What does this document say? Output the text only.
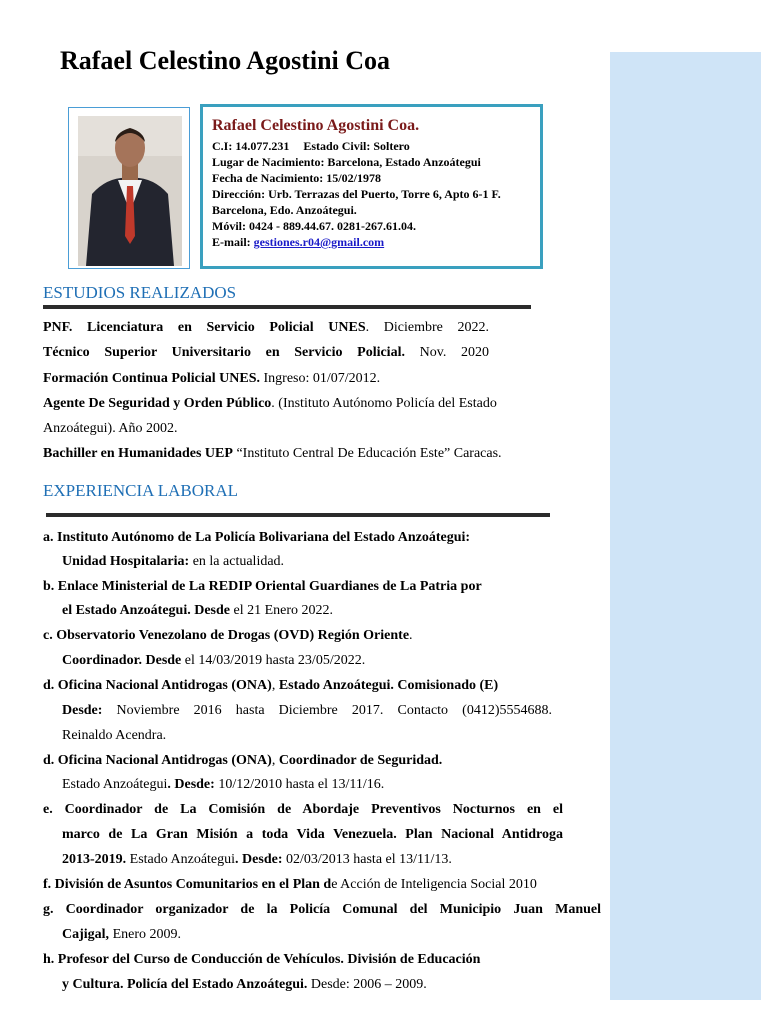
Rafael Celestino Agostini Coa
Rafael Celestino Agostini Coa.
C.I: 14.077.231 Estado Civil: Soltero
Lugar de Nacimiento: Barcelona, Estado Anzoátegui
Fecha de Nacimiento: 15/02/1978
Dirección: Urb. Terrazas del Puerto, Torre 6, Apto 6-1 F.
Barcelona, Edo. Anzoátegui.
Móvil: 0424 - 889.44.67. 0281-267.61.04.
E-mail: gestiones.r04@gmail.com
ESTUDIOS REALIZADOS
PNF. Licenciatura en Servicio Policial UNES. Diciembre 2022.
Técnico Superior Universitario en Servicio Policial. Nov. 2020
Formación Continua Policial UNES. Ingreso: 01/07/2012.
Agente De Seguridad y Orden Público. (Instituto Autónomo Policía del Estado
Anzoátegui). Año 2002.
Bachiller en Humanidades UEP “Instituto Central De Educación Este” Caracas.
EXPERIENCIA LABORAL
a. Instituto Autónomo de La Policía Bolivariana del Estado Anzoátegui:
Unidad Hospitalaria: en la actualidad.
b. Enlace Ministerial de La REDIP Oriental Guardianes de La Patria por
el Estado Anzoátegui. Desde el 21 Enero 2022.
c. Observatorio Venezolano de Drogas (OVD) Región Oriente.
Coordinador. Desde el 14/03/2019 hasta 23/05/2022.
d. Oficina Nacional Antidrogas (ONA), Estado Anzoátegui. Comisionado (E)
Desde: Noviembre 2016 hasta Diciembre 2017. Contacto (0412)5554688.
Reinaldo Acendra.
d. Oficina Nacional Antidrogas (ONA), Coordinador de Seguridad.
Estado Anzoátegui. Desde: 10/12/2010 hasta el 13/11/16.
e. Coordinador de La Comisión de Abordaje Preventivos Nocturnos en el
marco de La Gran Misión a toda Vida Venezuela. Plan Nacional Antidroga
2013-2019. Estado Anzoátegui. Desde: 02/03/2013 hasta el 13/11/13.
f. División de Asuntos Comunitarios en el Plan de Acción de Inteligencia Social 2010
g. Coordinador organizador de la Policía Comunal del Municipio Juan Manuel
Cajigal, Enero 2009.
h. Profesor del Curso de Conducción de Vehículos. División de Educación
y Cultura. Policía del Estado Anzoátegui. Desde: 2006 – 2009.
